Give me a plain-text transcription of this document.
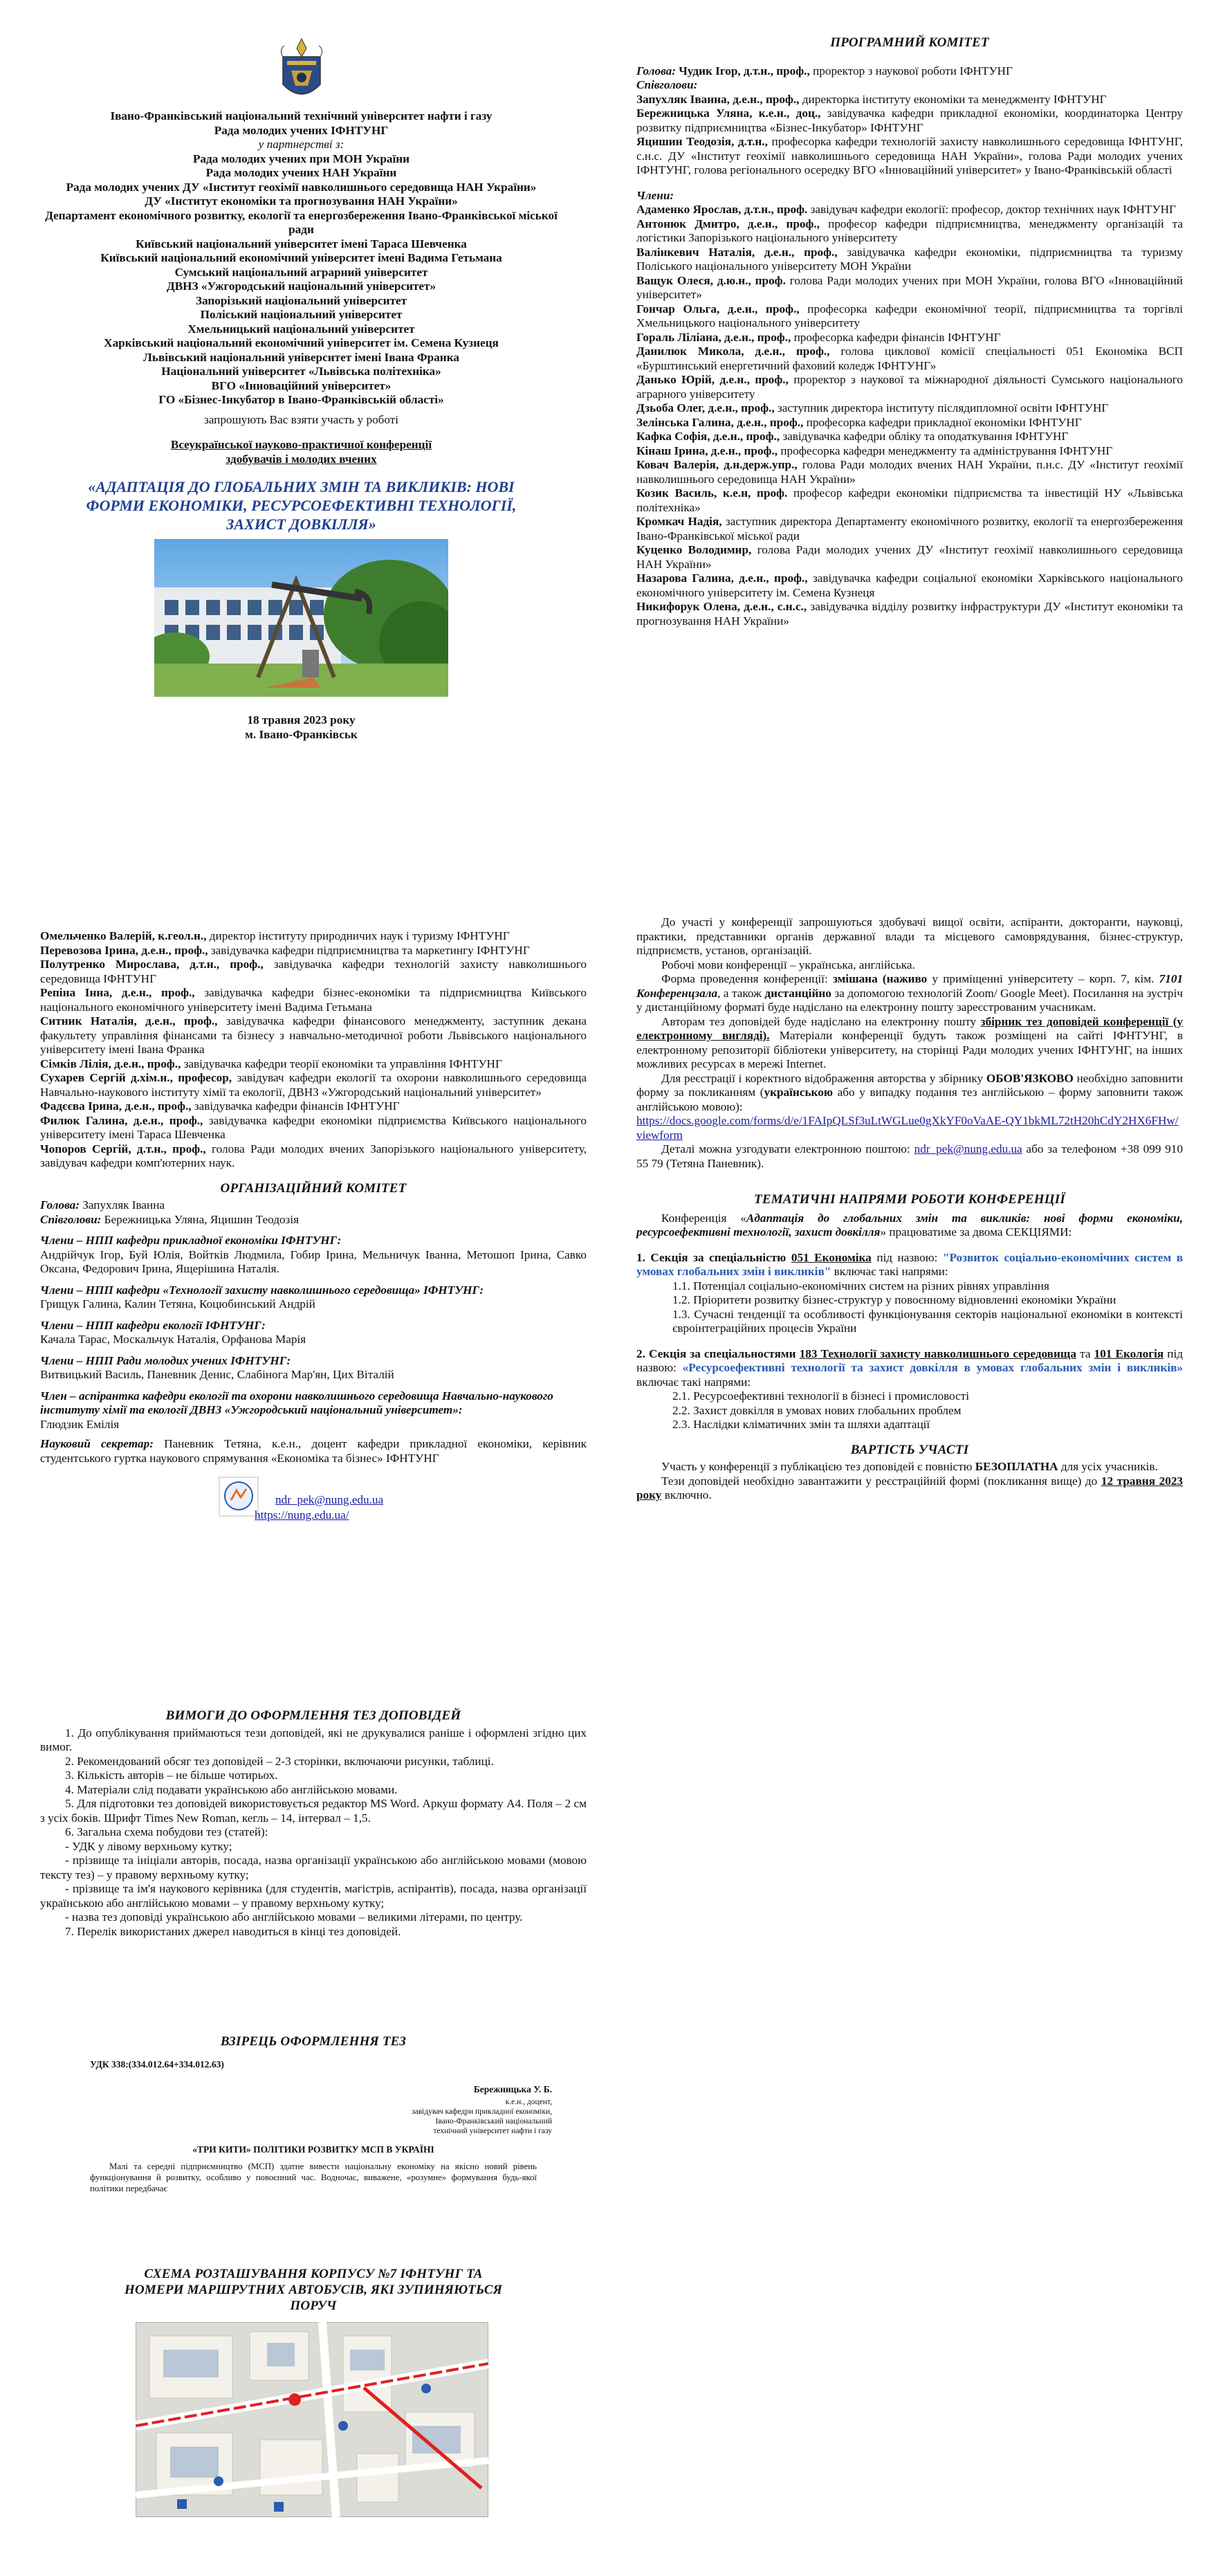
Івано-Франківський національний технічний університет нафти і газу

Рада молодих учених ІФНТУНГ

у партнерстві з:

Рада молодих учених при МОН України

Рада молодих учених НАН України

Рада молодих учених ДУ «Інститут геохімії навколишнього середовища НАН України»

ДУ «Інститут економіки та прогнозування НАН України»

Департамент економічного розвитку, екології та енергозбереження Івано-Франківської міської ради

Київський національний університет імені Тараса Шевченка

Київський національний економічний університет імені Вадима Гетьмана

Сумський національний аграрний університет

ДВНЗ «Ужгородський національний університет»

Запорізький національний університет

Поліський національний університет

Хмельницький національний університет

Харківський національний економічний університет ім. Семена Кузнеця

Львівський національний університет імені Івана Франка

Національний університет «Львівська політехніка»

ВГО «Інноваційний університет»

ГО «Бізнес-Інкубатор в Івано-Франківській області»

запрошують Вас взяти участь у роботі

Всеукраїнської науково-практичної конференції

здобувачів і молодих вчених

«АДАПТАЦІЯ ДО ГЛОБАЛЬНИХ ЗМІН ТА ВИКЛИКІВ: НОВІ ФОРМИ ЕКОНОМІКИ, РЕСУРСОЕФЕКТИВНІ ТЕХНОЛОГІЇ, ЗАХИСТ ДОВКІЛЛЯ»

18 травня 2023 року

м. Івано-Франківськ

ПРОГРАМНИЙ КОМІТЕТ

Голова: Чудик Ігор, д.т.н., проф., проректор з наукової роботи ІФНТУНГ

Співголови:

Запухляк Іванна, д.е.н., проф., директорка інституту економіки та менеджменту ІФНТУНГ

Бережницька Уляна, к.е.н., доц., завідувачка кафедри прикладної економіки, координаторка Центру розвитку підприємництва «Бізнес-Інкубатор» ІФНТУНГ

Яцишин Теодозія, д.т.н., професорка кафедри технологій захисту навколишнього середовища ІФНТУНГ, с.н.с. ДУ «Інститут геохімії навколишнього середовища НАН України», голова Ради молодих учених ІФНТУНГ, голова регіонального осередку ВГО «Інноваційний університет» у Івано-Франківській області

Члени:

Адаменко Ярослав, д.т.н., проф. завідувач кафедри екології: професор, доктор технічних наук ІФНТУНГ

Антонюк Дмитро, д.е.н., проф., професор кафедри підприємництва, менеджменту організацій та логістики Запорізького національного університету

Валінкевич Наталія, д.е.н., проф., завідувачка кафедри економіки, підприємництва та туризму Поліського національного університету МОН України

Ващук Олеся, д.ю.н., проф. голова Ради молодих учених при МОН України, голова ВГО «Інноваційний університет»

Гончар Ольга, д.е.н., проф., професорка кафедри економічної теорії, підприємництва та торгівлі Хмельницького національного університету

Гораль Ліліана, д.е.н., проф., професорка кафедри фінансів ІФНТУНГ

Данилюк Микола, д.е.н., проф., голова циклової комісії спеціальності 051 Економіка ВСП «Бурштинський енергетичний фаховий коледж ІФНТУНГ»

Данько Юрій, д.е.н., проф., проректор з наукової та міжнародної діяльності Сумського національного аграрного університету

Дзьоба Олег, д.е.н., проф., заступник директора інституту післядипломної освіти ІФНТУНГ

Зелінська Галина, д.е.н., проф., професорка кафедри прикладної економіки ІФНТУНГ

Кафка Софія, д.е.н., проф., завідувачка кафедри обліку та оподаткування ІФНТУНГ

Кінаш Ірина, д.е.н., проф., професорка кафедри менеджменту та адміністрування ІФНТУНГ

Ковач Валерія, д.н.держ.упр., голова Ради молодих вчених НАН України, п.н.с. ДУ «Інститут геохімії навколишнього середовища НАН України»

Козик Василь, к.е.н, проф. професор кафедри економіки підприємства та інвестицій НУ «Львівська політехніка»

Кромкач Надія, заступник директора Департаменту економічного розвитку, екології та енергозбереження Івано-Франківської міської ради

Куценко Володимир, голова Ради молодих учених ДУ «Інститут геохімії навколишнього середовища НАН України»

Назарова Галина, д.е.н., проф., завідувачка кафедри соціальної економіки Харківського національного економічного університету ім. Семена Кузнеця

Никифорук Олена, д.е.н., с.н.с., завідувачка відділу розвитку інфраструктури ДУ «Інститут економіки та прогнозування НАН України»

Омельченко Валерій, к.геол.н., директор інституту природничих наук і туризму ІФНТУНГ

Перевозова Ірина, д.е.н., проф., завідувачка кафедри підприємництва та маркетингу ІФНТУНГ

Полутренко Мирослава, д.т.н., проф., завідувачка кафедри технологій захисту навколишнього середовища ІФНТУНГ

Репіна Інна, д.е.н., проф., завідувачка кафедри бізнес-економіки та підприємництва Київського національного економічного університету імені Вадима Гетьмана

Ситник Наталія, д.е.н., проф., завідувачка кафедри фінансового менеджменту, заступник декана факультету управління фінансами та бізнесу з навчально-методичної роботи Львівського національного університету імені Івана Франка

Сімків Лілія, д.е.н., проф., завідувачка кафедри теорії економіки та управління ІФНТУНГ

Сухарев Сергій д.хім.н., професор, завідувач кафедри екології та охорони навколишнього середовища Навчально-наукового інституту хімії та екології, ДВНЗ «Ужгородський національний університет»

Фадєєва Ірина, д.е.н., проф., завідувачка кафедри фінансів ІФНТУНГ

Филюк Галина, д.е.н., проф., завідувачка кафедри економіки підприємства Київського національного університету імені Тараса Шевченка

Чопоров Сергій, д.т.н., проф., голова Ради молодих вчених Запорізького національного університету, завідувач кафедри комп'ютерних наук.

ОРГАНІЗАЦІЙНИЙ КОМІТЕТ

Голова: Запухляк Іванна

Співголови: Бережницька Уляна, Яцишин Теодозія

Члени – НПП кафедри прикладної економіки ІФНТУНГ:

Андрійчук Ігор, Буй Юлія, Войтків Людмила, Гобир Ірина, Мельничук Іванна, Метошоп Ірина, Савко Оксана, Федорович Ірина, Ящерішина Наталія.

Члени – НПП кафедри «Технології захисту навколишнього середовища» ІФНТУНГ:

Грищук Галина, Калин Тетяна, Коцюбинський Андрій

Члени – НПП кафедри екології ІФНТУНГ:

Качала Тарас, Москальчук Наталія, Орфанова Марія

Члени – НПП Ради молодих учених ІФНТУНГ:

Витвицький Василь, Паневник Денис, Слабінога Мар'ян, Цих Віталій

Член – аспірантка кафедри екології та охорони навколишнього середовища Навчально-наукового інституту хімії та екології ДВНЗ «Ужгородський національний університет»:

Глюдзик Емілія

Науковий секретар: Паневник Тетяна, к.е.н., доцент кафедри прикладної економіки, керівник студентського гуртка наукового спрямування «Економіка та бізнес» ІФНТУНГ

ndr_pek@nung.edu.ua
https://nung.edu.ua/

ВИМОГИ ДО ОФОРМЛЕННЯ ТЕЗ ДОПОВІДЕЙ

1. До опублікування приймаються тези доповідей, які не друкувалися раніше і оформлені згідно цих вимог.

2. Рекомендований обсяг тез доповідей – 2-3 сторінки, включаючи рисунки, таблиці.

3. Кількість авторів – не більше чотирьох.

4. Матеріали слід подавати українською або англійською мовами.

5. Для підготовки тез доповідей використовується редактор MS Word. Аркуш формату А4. Поля – 2 см з усіх боків. Шрифт Times New Roman, кегль – 14, інтервал – 1,5.

6. Загальна схема побудови тез (статей):

- УДК у лівому верхньому кутку;

- прізвище та ініціали авторів, посада, назва організації українською або англійською мовами (мовою тексту тез) – у правому верхньому кутку;

- прізвище та ім'я наукового керівника (для студентів, магістрів, аспірантів), посада, назва організації українською або англійською мовами – у правому верхньому кутку;

- назва тез доповіді українською або англійською мовами – великими літерами, по центру.

7. Перелік використаних джерел наводиться в кінці тез доповідей.

ВЗІРЕЦЬ ОФОРМЛЕННЯ ТЕЗ

УДК 338:(334.012.64+334.012.63)

Бережницька У. Б.

к.е.н., доцент,

завідувач кафедри прикладної економіки,

Івано-Франківський національний

технічний університет нафти і газу

«ТРИ КИТИ» ПОЛІТИКИ РОЗВИТКУ МСП В УКРАЇНІ

Малі та середні підприємництво (МСП) здатне вивести національну економіку на якісно новий рівень функціонування й розвитку, особливо у повоєнний час. Водночас, виважене, «розумне» формування будь-якої політики передбачає

СХЕМА РОЗТАШУВАННЯ КОРПУСУ №7 ІФНТУНГ ТА НОМЕРИ МАРШРУТНИХ АВТОБУСІВ, ЯКІ ЗУПИНЯЮТЬСЯ ПОРУЧ

До участі у конференції запрошуються здобувачі вищої освіти, аспіранти, докторанти, науковці, практики, представники органів державної влади та місцевого самоврядування, бізнес-структур, підприємств, установ, організацій.

Робочі мови конференції – українська, англійська.

Форма проведення конференції: змішана (наживо у приміщенні університету – корп. 7, кім. 7101 Конференцзала, а також дистанційно за допомогою технологій Zoom/ Google Meet). Посилання на зустріч у дистанційному форматі буде надіслано на електронну пошту зареєстрованим учасникам.

Авторам тез доповідей буде надіслано на електронну пошту збірник тез доповідей конференції (у електронному вигляді). Матеріали конференції будуть також розміщені на сайті ІФНТУНГ, в електронному репозиторії бібліотеки університету, на сторінці Ради молодих учених ІФНТУНГ, на інших можливих ресурсах в мережі Internet.

Для реєстрації і коректного відображення авторства у збірнику ОБОВ'ЯЗКОВО необхідно заповнити форму за покликанням (українською або у випадку подання тез англійською – форму заповнити також англійською мовою):

https://docs.google.com/forms/d/e/1FAIpQLSf3uLtWGLue0gXkYF0oVaAE-QY1bkML72tH20hCdY2HX6FHw/viewform

Деталі можна узгодувати електронною поштою: ndr_pek@nung.edu.ua або за телефоном +38 099 910 55 79 (Тетяна Паневник).

ТЕМАТИЧНІ НАПРЯМИ РОБОТИ КОНФЕРЕНЦІЇ

Конференція «Адаптація до глобальних змін та викликів: нові форми економіки, ресурсоефективні технології, захист довкілля» працюватиме за двома СЕКЦІЯМИ:

1. Секція за спеціальністю 051 Економіка під назвою: "Розвиток соціально-економічних систем в умовах глобальних змін і викликів" включає такі напрями:

1.1. Потенціал соціально-економічних систем на різних рівнях управління

1.2. Пріоритети розвитку бізнес-структур у повоєнному відновленні економіки України

1.3. Сучасні тенденції та особливості функціонування секторів національної економіки в контексті євроінтеграційних процесів України

2. Секція за спеціальностями 183 Технології захисту навколишнього середовища та 101 Екологія під назвою: «Ресурсоефективні технології та захист довкілля в умовах глобальних змін і викликів» включає такі напрями:

2.1. Ресурсоефективні технології в бізнесі і промисловості

2.2. Захист довкілля в умовах нових глобальних проблем

2.3. Наслідки кліматичних змін та шляхи адаптації

ВАРТІСТЬ УЧАСТІ

Участь у конференції з публікацією тез доповідей є повністю БЕЗОПЛАТНА для усіх учасників.

Тези доповідей необхідно завантажити у реєстраційній формі (покликання вище) до 12 травня 2023 року включно.
